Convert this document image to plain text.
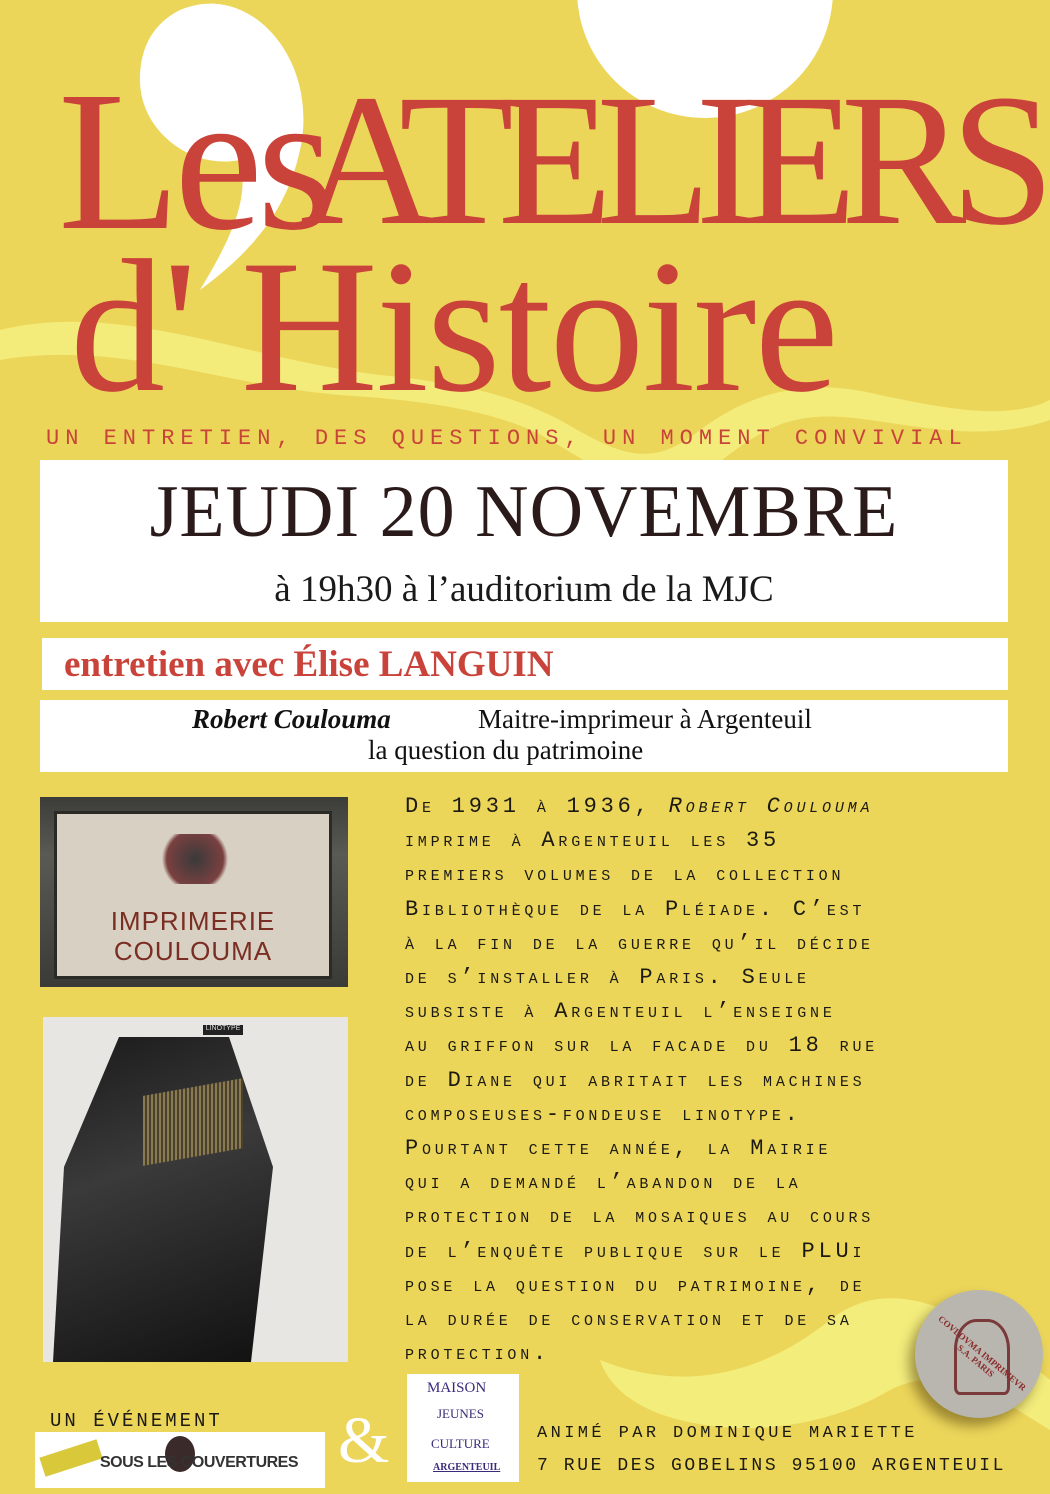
Les
ATELIERS
d' Histoire
UN ENTRETIEN, DES QUESTIONS, UN MOMENT CONVIVIAL
JEUDI 20 NOVEMBRE
à 19h30 à l’auditorium de la MJC
entretien avec Élise LANGUIN
Robert Coulouma	Maitre-imprimeur à Argenteuil
la question du patrimoine
IMPRIMERIE
COULOUMA
LINOTYPE
De 1931 à 1936, Robert Coulouma
imprime à Argenteuil les 35
premiers volumes de la collection
Bibliothèque de la Pléiade. C’est
à la fin de la guerre qu’il décide
de s’installer à Paris. Seule
subsiste à Argenteuil l’enseigne
au griffon sur la facade du 18 rue
de Diane qui abritait les machines
composeuses-fondeuse linotype.
Pourtant cette année, la Mairie
qui a demandé l’abandon de la
protection de la mosaiques au cours
de l’enquête publique sur le PLUi
pose la question du patrimoine, de
la durée de conservation et de sa
protection.
UN ÉVÉNEMENT
SOUS LES COUVERTURES &
MAISON
JEUNES
CULTURE
ARGENTEUIL
ANIMÉ PAR DOMINIQUE MARIETTE
7 RUE DES GOBELINS 95100 ARGENTEUIL
COVLOVMA IMPRIMEVR S.A. PARIS
